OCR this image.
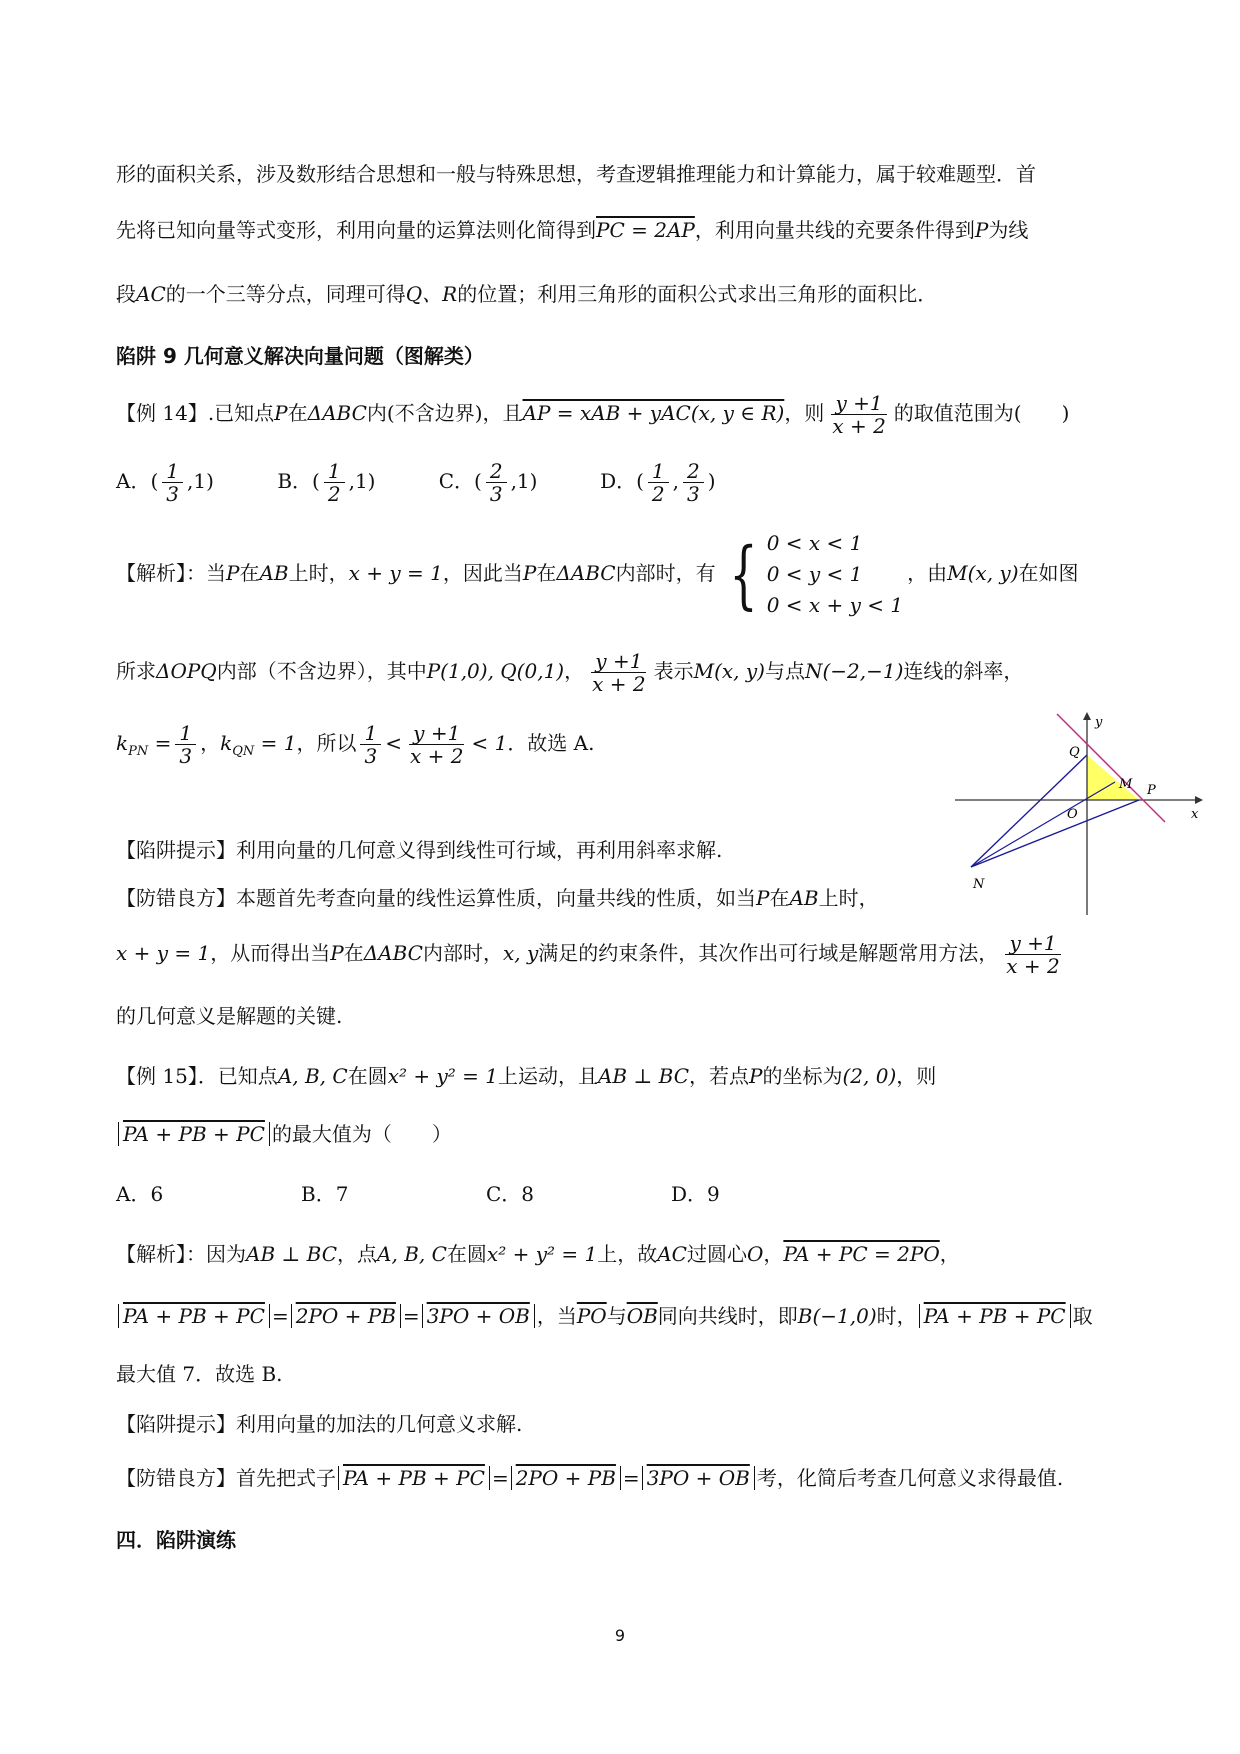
形的面积关系，涉及数形结合思想和一般与特殊思想，考查逻辑推理能力和计算能力，属于较难题型．首
先将已知向量等式变形，利用向量的运算法则化简得到PC = 2AP，利用向量共线的充要条件得到P为线
段AC的一个三等分点，同理可得Q、R的位置；利用三角形的面积公式求出三角形的面积比．
陷阱 9 几何意义解决向量问题（图解类）
【例 14】.已知点P在ΔABC内(不含边界)，且AP = xAB + yAC(x, y ∈ R)，则 $\frac{y +1}{x + 2}$ 的取值范围为(　　)
A．( $\frac{1}{3} ,1$)	B．( $\frac{1}{2} ,1$)	C．( $\frac{2}{3} ,1$)	D．( $\frac{1}{2}$ , $\frac{2}{3}$ )
【解析】：当P在AB上时，x + y = 1，因此当P在ΔABC内部时，有 { 0 < x < 1
0 < y < 1
0 < x + y < 1
，由M(x, y)在如图
所求ΔOPQ内部（不含边界），其中P(1,0), Q(0,1)， $\frac{y +1}{x + 2}$ 表示M(x, y)与点N(−2,−1)连线的斜率，
$k_{PN} = \frac{1}{3}$ ，$k_{QN} = 1$，所以 $\frac{1}{3} < \frac{y +1}{x + 2} < 1$．故选 A.
【陷阱提示】利用向量的几何意义得到线性可行域，再利用斜率求解.
【防错良方】本题首先考查向量的线性运算性质，向量共线的性质，如当P在AB上时，
x + y = 1，从而得出当P在ΔABC内部时，x, y满足的约束条件，其次作出可行域是解题常用方法， $\frac{y +1}{x + 2}$
的几何意义是解题的关键.
y
x
O
Q
P
M
N
【例 15】．已知点A, B, C在圆x² + y² = 1上运动，且AB ⊥ BC，若点P的坐标为(2, 0)，则
PA + PB + PC 的最大值为（　　）
A．6	B．7	C．8	D．9
【解析】：因为AB ⊥ BC，点A, B, C在圆x² + y² = 1上，故AC过圆心O，PA + PC = 2PO，
PA + PB + PC = 2PO + PB = 3PO + OB ，当$\overline{PO}$与$\overline{OB}$同向共线时，即B(−1,0)时， PA + PB + PC 取
最大值 7．故选 B.
【陷阱提示】利用向量的加法的几何意义求解.
【防错良方】首先把式子 PA + PB + PC = 2PO + PB = 3PO + OB 考，化简后考查几何意义求得最值.
四．陷阱演练
9
